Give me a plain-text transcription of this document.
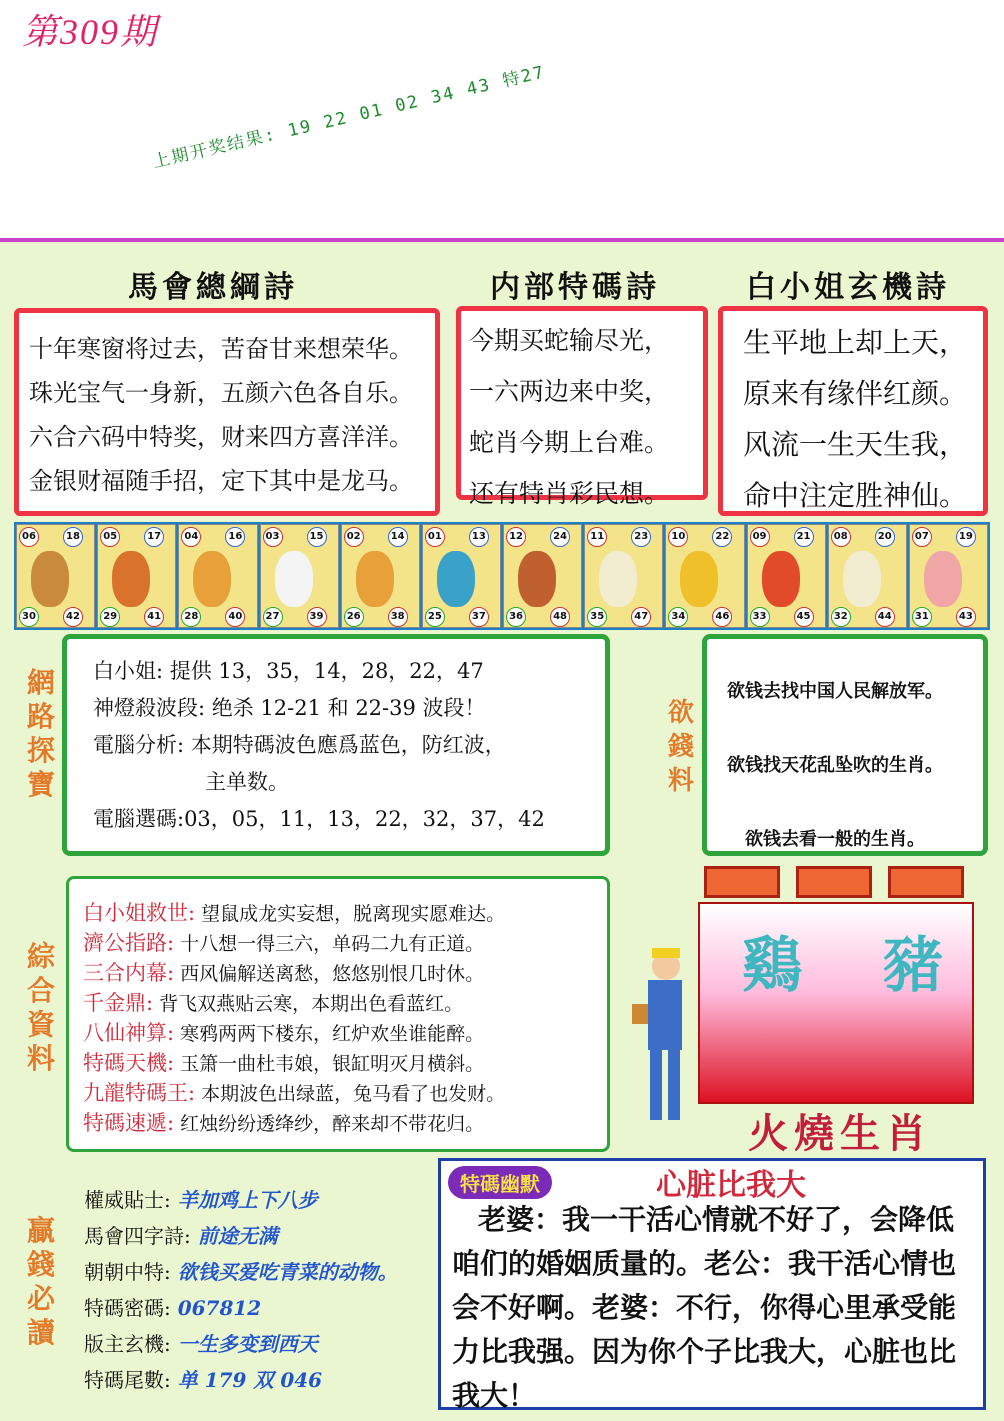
第309期
上期开奖结果: 19 22 01 02 34 43 特27
馬會總綱詩	内部特碼詩	白小姐玄機詩
十年寒窗将过去，苦奋甘来想荣华。
珠光宝气一身新，五颜六色各自乐。
六合六码中特奖，财来四方喜洋洋。
金银财福随手招，定下其中是龙马。
今期买蛇输尽光，
一六两边来中奖，
蛇肖今期上台难。
还有特肖彩民想。
生平地上却上天，
原来有缘伴红颜。
风流一生天生我，
命中注定胜神仙。
06	18
30	42
05	17
29	41
04	16
28	40
03	15
27	39
02	14
26	38
01	13
25	37
12	24
36	48
11	23
35	47
10	22
34	46
09	21
33	45
08	20
32	44
07	19
31	43
網路探寶
白小姐: 提供 13，35，14，28，22，47
神燈殺波段: 绝杀 12-21 和 22-39 波段！
電腦分析: 本期特碼波色應爲蓝色，防红波，
主单数。
電腦選碼:03，05，11，13，22，32，37，42
欲錢料
欲钱去找中国人民解放军。
欲钱找天花乱坠吹的生肖。
欲钱去看一般的生肖。
綜合資料
白小姐救世: 望鼠成龙实妄想，脱离现实愿难达。
濟公指路: 十八想一得三六，单码二九有正道。
三合内幕: 西风偏解送离愁，悠悠别恨几时休。
千金鼎: 背飞双燕贴云寒，本期出色看蓝红。
八仙神算: 寒鸦两两下楼东，红炉欢坐谁能醉。
特碼天機: 玉箫一曲杜韦娘，银缸明灭月横斜。
九龍特碼王: 本期波色出绿蓝，兔马看了也发财。
特碼速遞: 红烛纷纷透绛纱，醉来却不带花归。
鷄 豬
火燒生肖
贏錢必讀
權威貼士: 羊加鸡上下八步
馬會四字詩: 前途无满
朝朝中特: 欲钱买爱吃青菜的动物。
特碼密碼: 067812
版主玄機: 一生多变到西天
特碼尾數: 单 179 双 046
特碼幽默	心脏比我大
老婆：我一干活心情就不好了，会降低咱们的婚姻质量的。老公：我干活心情也会不好啊。老婆：不行，你得心里承受能力比我强。因为你个子比我大，心脏也比我大！
